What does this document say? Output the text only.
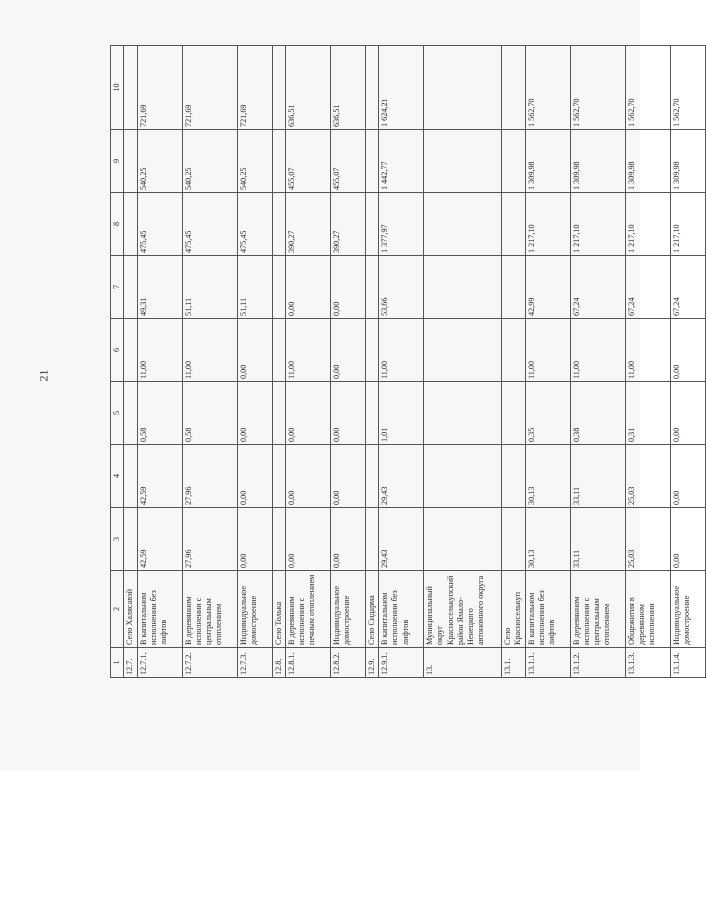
21
1	2	3	4	5	6	7	8	9	10
12.7.	Село Халясавэй								
12.7.1.	В капитальном исполнении без лифтов	42,59	42,59	0,58	11,00	49,31	475,45	540,25	721,69
12.7.2.	В деревянном исполнении с центральным отоплением	27,96	27,96	0,58	11,00	51,11	475,45	540,25	721,69
12.7.3.	Индивидуальное домостроение	0,00	0,00	0,00	0,00	51,11	475,45	540,25	721,69
12.8.	Село Толька								
12.8.1.	В деревянном исполнении с печным отоплением	0,00	0,00	0,00	11,00	0,00	390,27	455,07	636,51
12.8.2.	Индивидуальное домостроение	0,00	0,00	0,00	0,00	0,00	390,27	455,07	636,51
12.9.	Село Сидарма								
12.9.1.	В капитальном исполнении без лифтов	29,43	29,43	1,01	11,00	53,66	1 377,97	1 442,77	1 624,21
13.	Муниципальный округ Красноселькупский район Ямало-Ненецкого автономного округа								
13.1.	Село Красноселькуп								
13.1.1.	В капитальном исполнении без лифтов	30,13	30,13	0,35	11,00	42,99	1 217,10	1 309,98	1 562,70
13.1.2.	В деревянном исполнении с центральным отоплением	33,11	33,11	0,38	11,00	67,24	1 217,10	1 309,98	1 562,70
13.1.3.	Общежития в деревянном исполнении	25,03	25,03	0,31	11,00	67,24	1 217,10	1 309,98	1 562,70
13.1.4.	Индивидуальное домостроение	0,00	0,00	0,00	0,00	67,24	1 217,10	1 309,98	1 562,70
